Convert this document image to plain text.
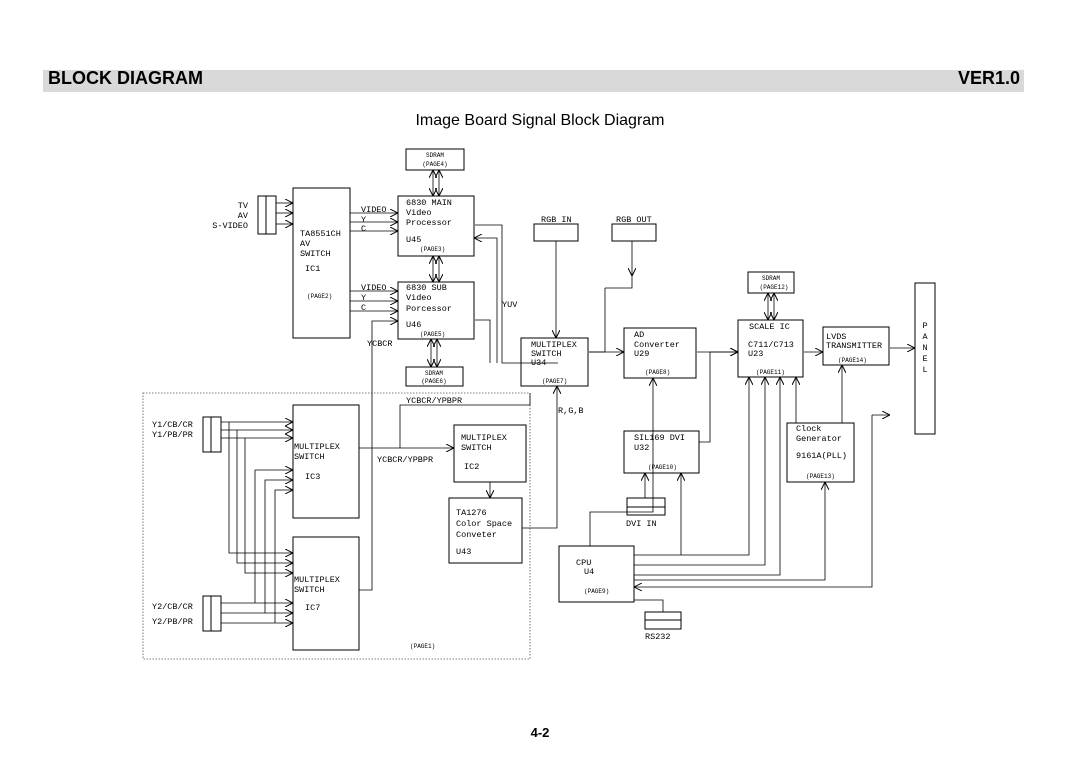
BLOCK DIAGRAM	VER1.0
Image Board Signal Block Diagram
(PAGE1)
SDRAM
(PAGE4)
6830 MAIN
Video
Processor
U45
(PAGE3)
6830 SUB
Video
Porcessor
U46
(PAGE5)
SDRAM
(PAGE6)
TA8551CH
AV
SWITCH
IC1
(PAGE2)
MULTIPLEX
SWITCH
IC3
MULTIPLEX
SWITCH
IC7
MULTIPLEX
SWITCH
IC2
TA1276
Color Space
Conveter
U43
MULTIPLEX
SWITCH
U34
(PAGE7)
AD
Converter
U29
(PAGE8)
SCALE IC
C711/C713
U23
(PAGE11)
SDRAM
(PAGE12)
LVDS
TRANSMITTER
(PAGE14)
P
A
N
E
L
SIL169 DVI
U32
(PAGE10)
Clock
Generator
9161A(PLL)
(PAGE13)
CPU
U4
(PAGE9)
TV
AV
S-VIDEO
VIDEO
Y
C
VIDEO
Y
C	YUV
YCBCR
YCBCR/YPBPR
YCBCR/YPBPR
Y1/CB/CR
Y1/PB/PR
Y2/CB/CR
Y2/PB/PR
RGB IN	RGB OUT
R,G,B
DVI IN
RS232
4-2
